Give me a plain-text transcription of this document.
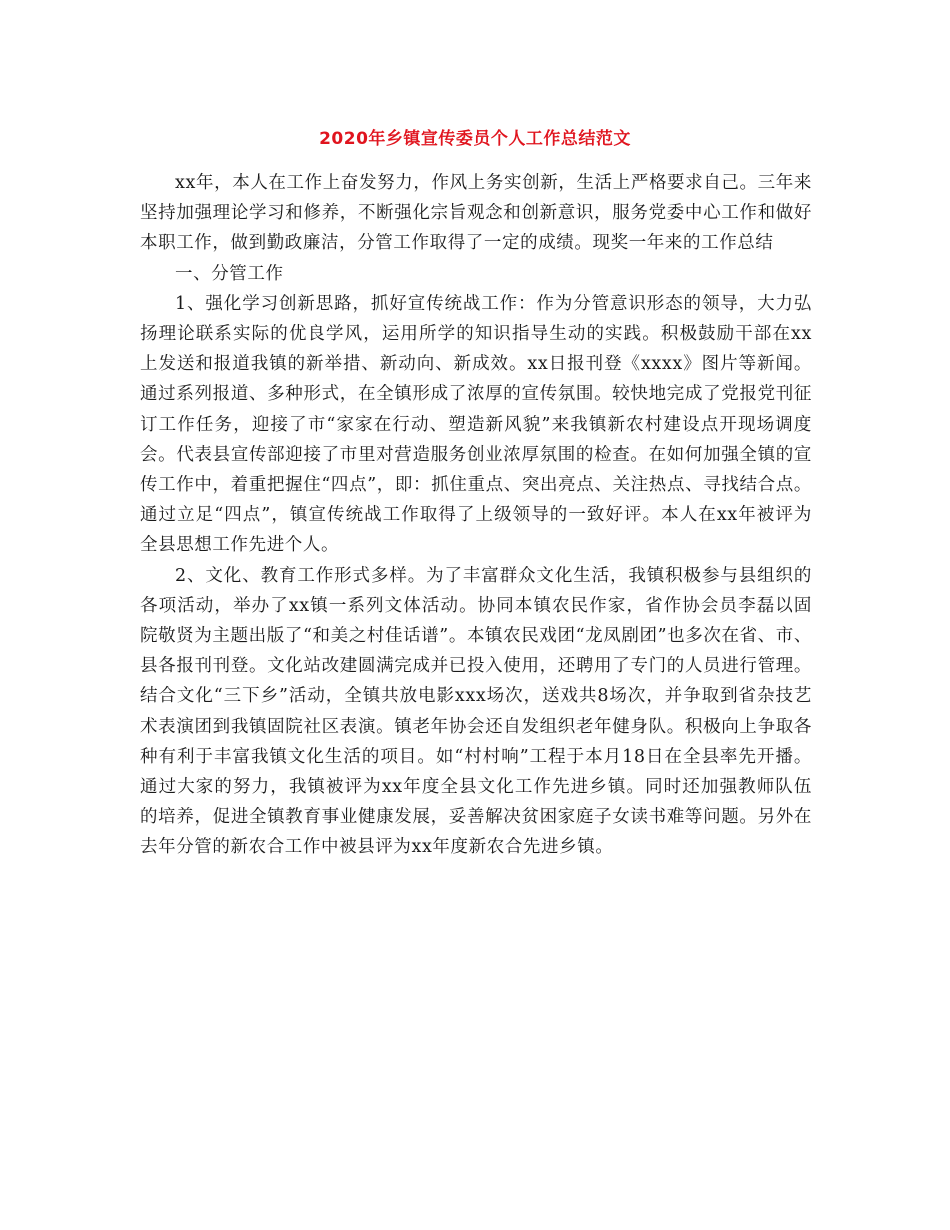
2020年乡镇宣传委员个人工作总结范文

xx年，本人在工作上奋发努力，作风上务实创新，生活上严格要求自己。三年来坚持加强理论学习和修养，不断强化宗旨观念和创新意识，服务党委中心工作和做好本职工作，做到勤政廉洁，分管工作取得了一定的成绩。现奖一年来的工作总结

一、分管工作

1、强化学习创新思路，抓好宣传统战工作：作为分管意识形态的领导，大力弘扬理论联系实际的优良学风，运用所学的知识指导生动的实践。积极鼓励干部在xx上发送和报道我镇的新举措、新动向、新成效。xx日报刊登《xxxx》图片等新闻。通过系列报道、多种形式，在全镇形成了浓厚的宣传氛围。较快地完成了党报党刊征订工作任务，迎接了市“家家在行动、塑造新风貌”来我镇新农村建设点开现场调度会。代表县宣传部迎接了市里对营造服务创业浓厚氛围的检查。在如何加强全镇的宣传工作中，着重把握住“四点”，即：抓住重点、突出亮点、关注热点、寻找结合点。通过立足“四点”，镇宣传统战工作取得了上级领导的一致好评。本人在xx年被评为全县思想工作先进个人。

2、文化、教育工作形式多样。为了丰富群众文化生活，我镇积极参与县组织的各项活动，举办了xx镇一系列文体活动。协同本镇农民作家，省作协会员李磊以固院敬贤为主题出版了“和美之村佳话谱”。本镇农民戏团“龙凤剧团”也多次在省、市、县各报刊刊登。文化站改建圆满完成并已投入使用，还聘用了专门的人员进行管理。结合文化“三下乡”活动，全镇共放电影xxx场次，送戏共8场次，并争取到省杂技艺术表演团到我镇固院社区表演。镇老年协会还自发组织老年健身队。积极向上争取各种有利于丰富我镇文化生活的项目。如“村村响”工程于本月18日在全县率先开播。通过大家的努力，我镇被评为xx年度全县文化工作先进乡镇。同时还加强教师队伍的培养，促进全镇教育事业健康发展，妥善解决贫困家庭子女读书难等问题。另外在去年分管的新农合工作中被县评为xx年度新农合先进乡镇。
